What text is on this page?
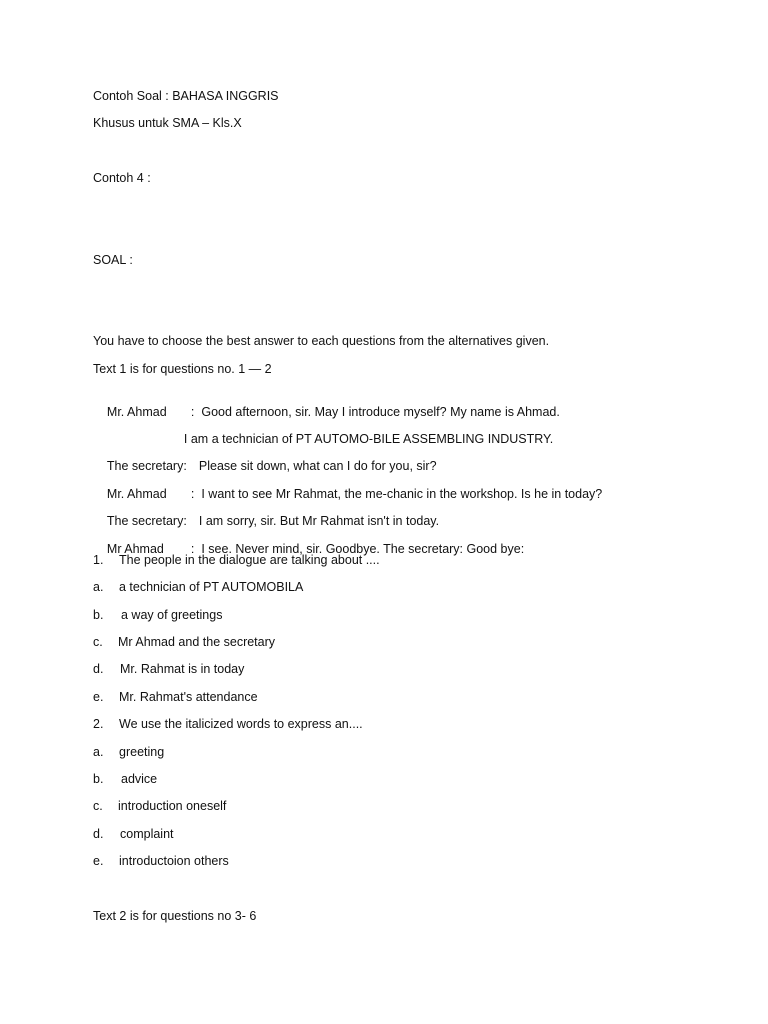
Contoh Soal : BAHASA INGGRIS
Khusus untuk SMA – Kls.X
Contoh 4 :
SOAL :
You have to choose the best answer to each questions from the alternatives given.
Text 1 is for questions no. 1 — 2

Mr. Ahmad : Good afternoon, sir. May I introduce myself? My name is Ahmad.

I am a technician of PT AUTOMO-BILE ASSEMBLING INDUSTRY.

The secretary: Please sit down, what can I do for you, sir?

Mr. Ahmad : I want to see Mr Rahmat, the me-chanic in the workshop. Is he in today?

The secretary: I am sorry, sir. But Mr Rahmat isn't in today.

Mr Ahmad : I see. Never mind, sir. Goodbye. The secretary: Good bye:

1.	The people in the dialogue are talking about ....
a.	a technician of PT AUTOMOBILA
b.	a way of greetings
c.	Mr Ahmad and the secretary
d.	Mr. Rahmat is in today
e.	Mr. Rahmat's attendance
2.	We use the italicized words to express an....
a.	greeting
b.	advice
c.	introduction oneself
d.	complaint
e.	introductoion others
Text 2 is for questions no 3- 6
